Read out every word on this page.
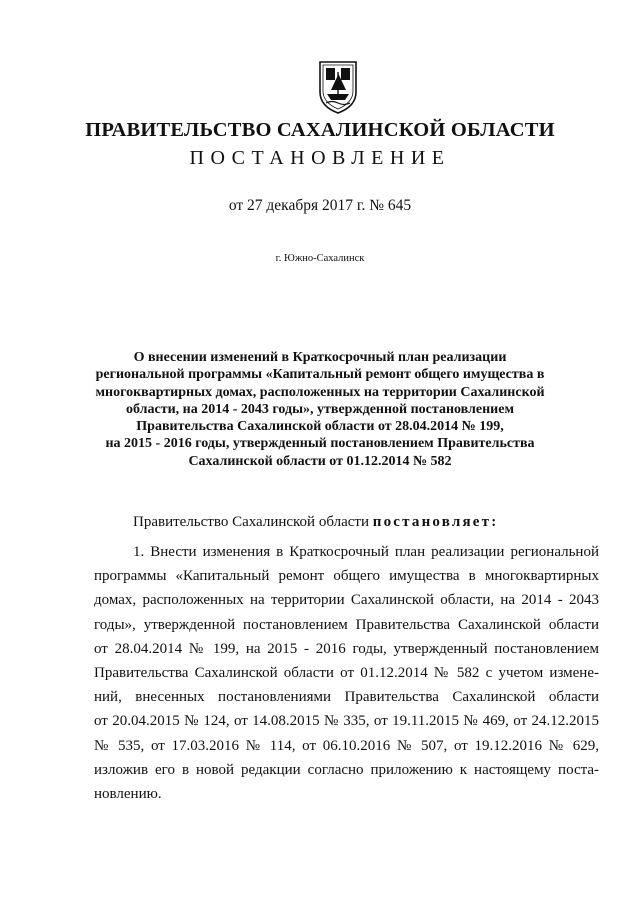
ПРАВИТЕЛЬСТВО САХАЛИНСКОЙ ОБЛАСТИ
ПОСТАНОВЛЕНИЕ
от 27 декабря 2017 г. № 645
г. Южно-Сахалинск
О внесении изменений в Краткосрочный план реализации
региональной программы «Капитальный ремонт общего имущества в
многоквартирных домах, расположенных на территории Сахалинской
области, на 2014 - 2043 годы», утвержденной постановлением
Правительства Сахалинской области от 28.04.2014 № 199,
на 2015 - 2016 годы, утвержденный постановлением Правительства
Сахалинской области от 01.12.2014 № 582
Правительство Сахалинской области постановляет:
1. Внести изменения в Краткосрочный план реализации региональной
программы «Капитальный ремонт общего имущества в многоквартирных
домах, расположенных на территории Сахалинской области, на 2014 - 2043
годы», утвержденной постановлением Правительства Сахалинской области
от 28.04.2014 № 199, на 2015 - 2016 годы, утвержденный постановлением
Правительства Сахалинской области от 01.12.2014 № 582 с учетом измене-
ний, внесенных постановлениями Правительства Сахалинской области
от 20.04.2015 № 124, от 14.08.2015 № 335, от 19.11.2015 № 469, от 24.12.2015
№ 535, от 17.03.2016 № 114, от 06.10.2016 № 507, от 19.12.2016 № 629,
изложив его в новой редакции согласно приложению к настоящему поста-
новлению.
